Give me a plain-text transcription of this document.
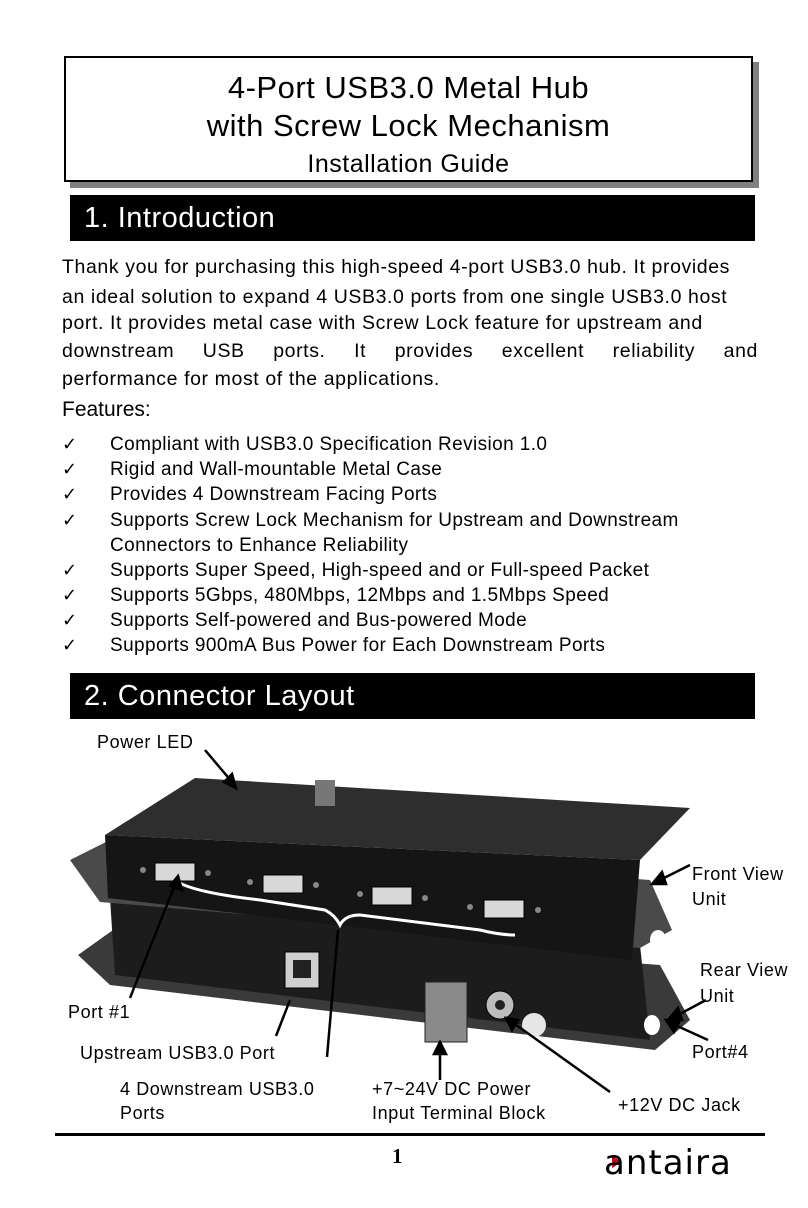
4-Port USB3.0 Metal Hub
with Screw Lock Mechanism
Installation Guide
1. Introduction
Thank you for purchasing this high-speed 4-port USB3.0 hub. It provides
an ideal solution to expand 4 USB3.0 ports from one single USB3.0 host
port. It provides metal case with Screw Lock feature for upstream and
downstream USB ports. It provides excellent reliability and
performance for most of the applications.
Features:
✓	Compliant with USB3.0 Specification Revision 1.0
✓	Rigid and Wall-mountable Metal Case
✓	Provides 4 Downstream Facing Ports
✓	Supports Screw Lock Mechanism for Upstream and Downstream
Connectors to Enhance Reliability
✓	Supports Super Speed, High-speed and or Full-speed Packet
✓	Supports 5Gbps, 480Mbps, 12Mbps and 1.5Mbps Speed
✓	Supports Self-powered and Bus-powered Mode
✓	Supports 900mA Bus Power for Each Downstream Ports
2. Connector Layout
Power LED
Front View
Unit
Rear View
Unit
Port #1
Port#4
Upstream USB3.0 Port
4 Downstream USB3.0
Ports
+7~24V DC Power
Input Terminal Block	+12V DC Jack
1	antaira
